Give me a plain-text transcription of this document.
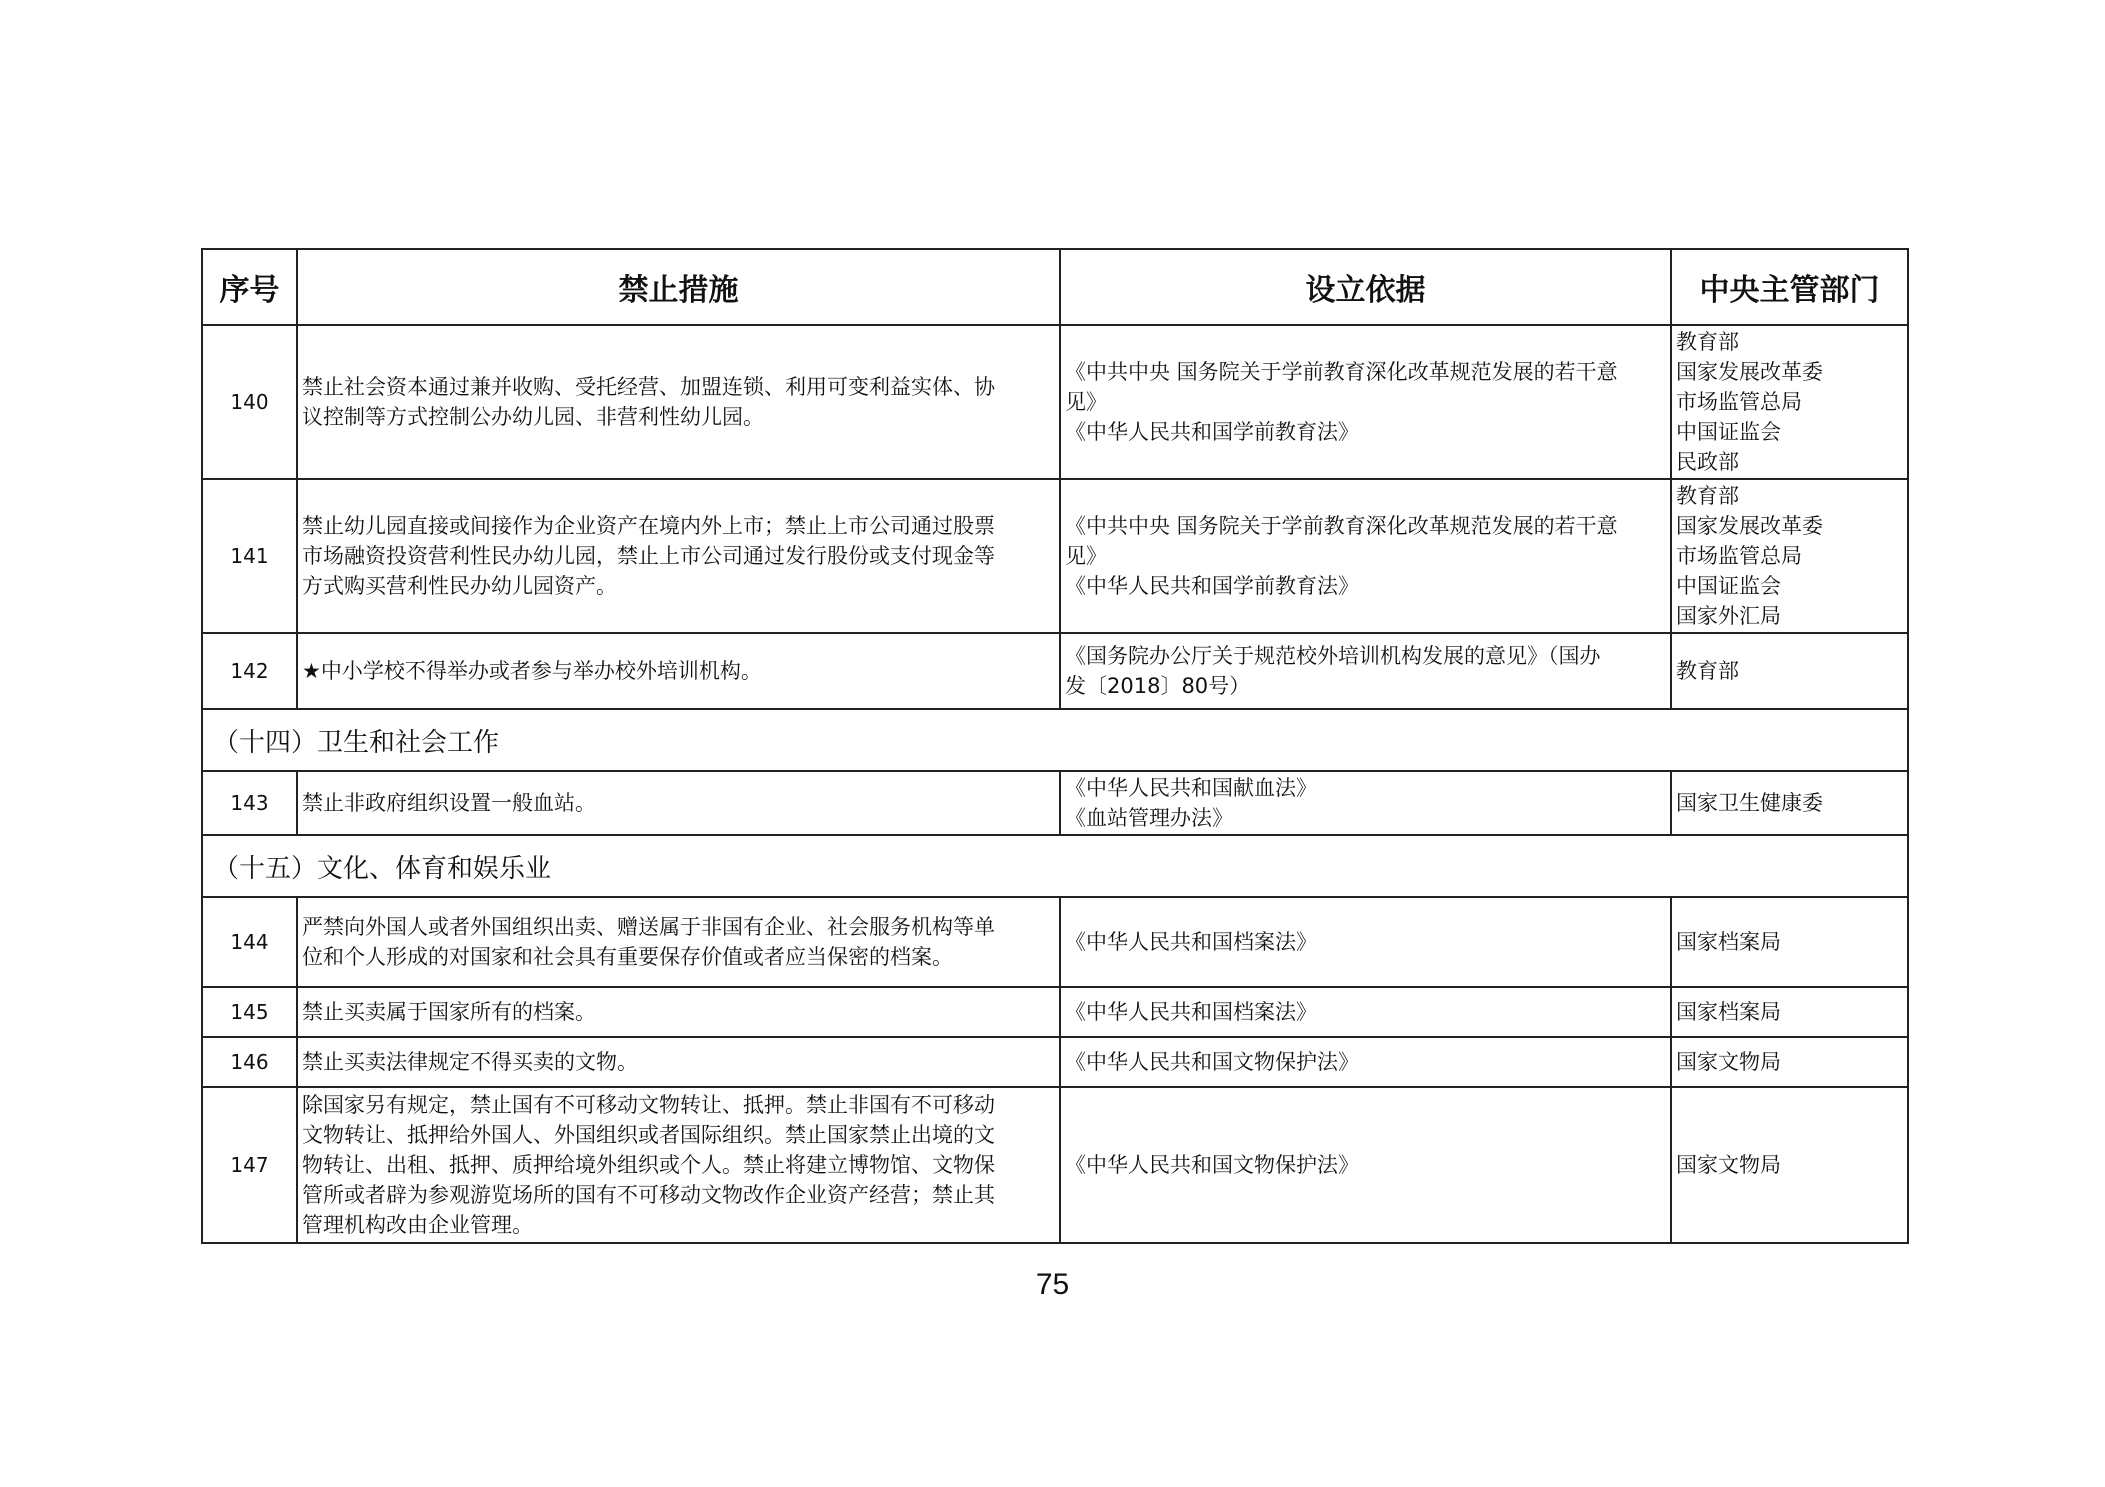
序号	禁止措施	设立依据	中央主管部门
140	禁止社会资本通过兼并收购、受托经营、加盟连锁、利用可变利益实体、协
议控制等方式控制公办幼儿园、非营利性幼儿园。	《中共中央 国务院关于学前教育深化改革规范发展的若干意
见》
《中华人民共和国学前教育法》	教育部
国家发展改革委
市场监管总局
中国证监会
民政部

141	禁止幼儿园直接或间接作为企业资产在境内外上市；禁止上市公司通过股票
市场融资投资营利性民办幼儿园，禁止上市公司通过发行股份或支付现金等
方式购买营利性民办幼儿园资产。	《中共中央 国务院关于学前教育深化改革规范发展的若干意
见》
《中华人民共和国学前教育法》	教育部
国家发展改革委
市场监管总局
中国证监会
国家外汇局

142	★中小学校不得举办或者参与举办校外培训机构。	《国务院办公厅关于规范校外培训机构发展的意见》（国办
发〔2018〕80号）	教育部

（十四）卫生和社会工作			
143	禁止非政府组织设置一般血站。	《中华人民共和国献血法》
《血站管理办法》	国家卫生健康委

（十五）文化、体育和娱乐业			
144	严禁向外国人或者外国组织出卖、赠送属于非国有企业、社会服务机构等单
位和个人形成的对国家和社会具有重要保存价值或者应当保密的档案。	《中华人民共和国档案法》	国家档案局

145	禁止买卖属于国家所有的档案。	《中华人民共和国档案法》	国家档案局

146	禁止买卖法律规定不得买卖的文物。	《中华人民共和国文物保护法》	国家文物局

147	除国家另有规定，禁止国有不可移动文物转让、抵押。禁止非国有不可移动
文物转让、抵押给外国人、外国组织或者国际组织。禁止国家禁止出境的文
物转让、出租、抵押、质押给境外组织或个人。禁止将建立博物馆、文物保
管所或者辟为参观游览场所的国有不可移动文物改作企业资产经营；禁止其
管理机构改由企业管理。	《中华人民共和国文物保护法》	国家文物局
75
